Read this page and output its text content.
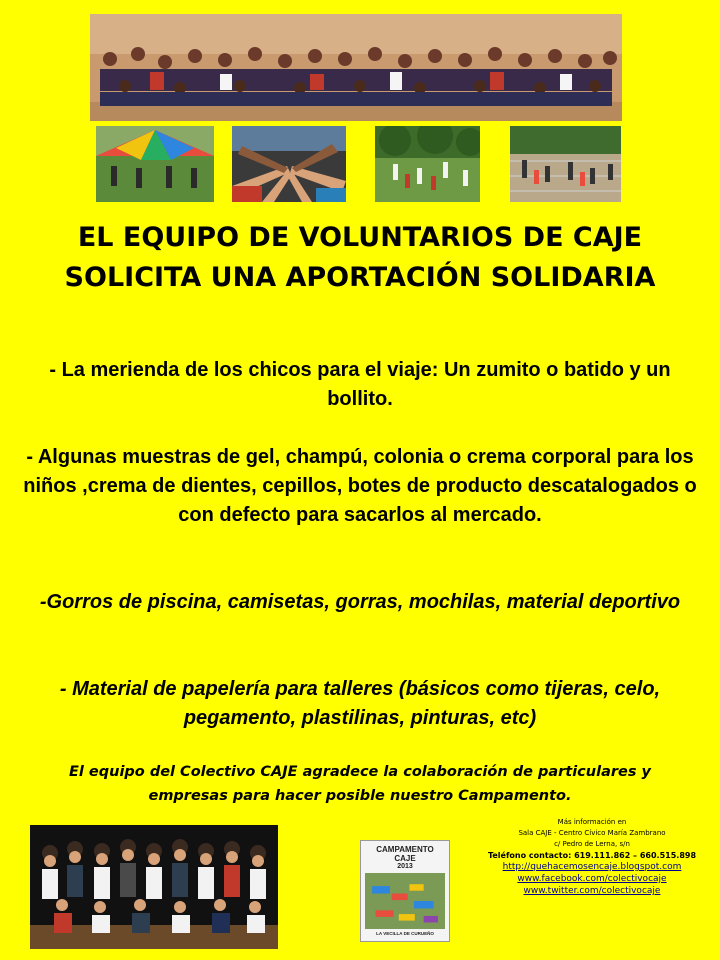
EL EQUIPO DE VOLUNTARIOS DE CAJE
SOLICITA UNA APORTACIÓN SOLIDARIA
- La merienda de los chicos para el viaje: Un zumito o batido y un bollito.
- Algunas muestras de gel, champú, colonia o crema corporal para los niños ,crema de dientes, cepillos, botes de producto descatalogados o con defecto para sacarlos al mercado.
-Gorros de piscina, camisetas, gorras, mochilas, material deportivo
- Material de papelería para talleres (básicos como tijeras, celo, pegamento, plastilinas, pinturas, etc)
El equipo del Colectivo CAJE agradece la colaboración de particulares y empresas para hacer posible nuestro Campamento.
CAMPAMENTO
CAJE
2013
LA VECILLA DE CURUEÑO
Más información en
Sala CAJE - Centro Cívico María Zambrano
c/ Pedro de Lerna, s/n
Teléfono contacto: 619.111.862 – 660.515.898
http://quehacemosencaje.blogspot.com
www.facebook.com/colectivocaje
www.twitter.com/colectivocaje
